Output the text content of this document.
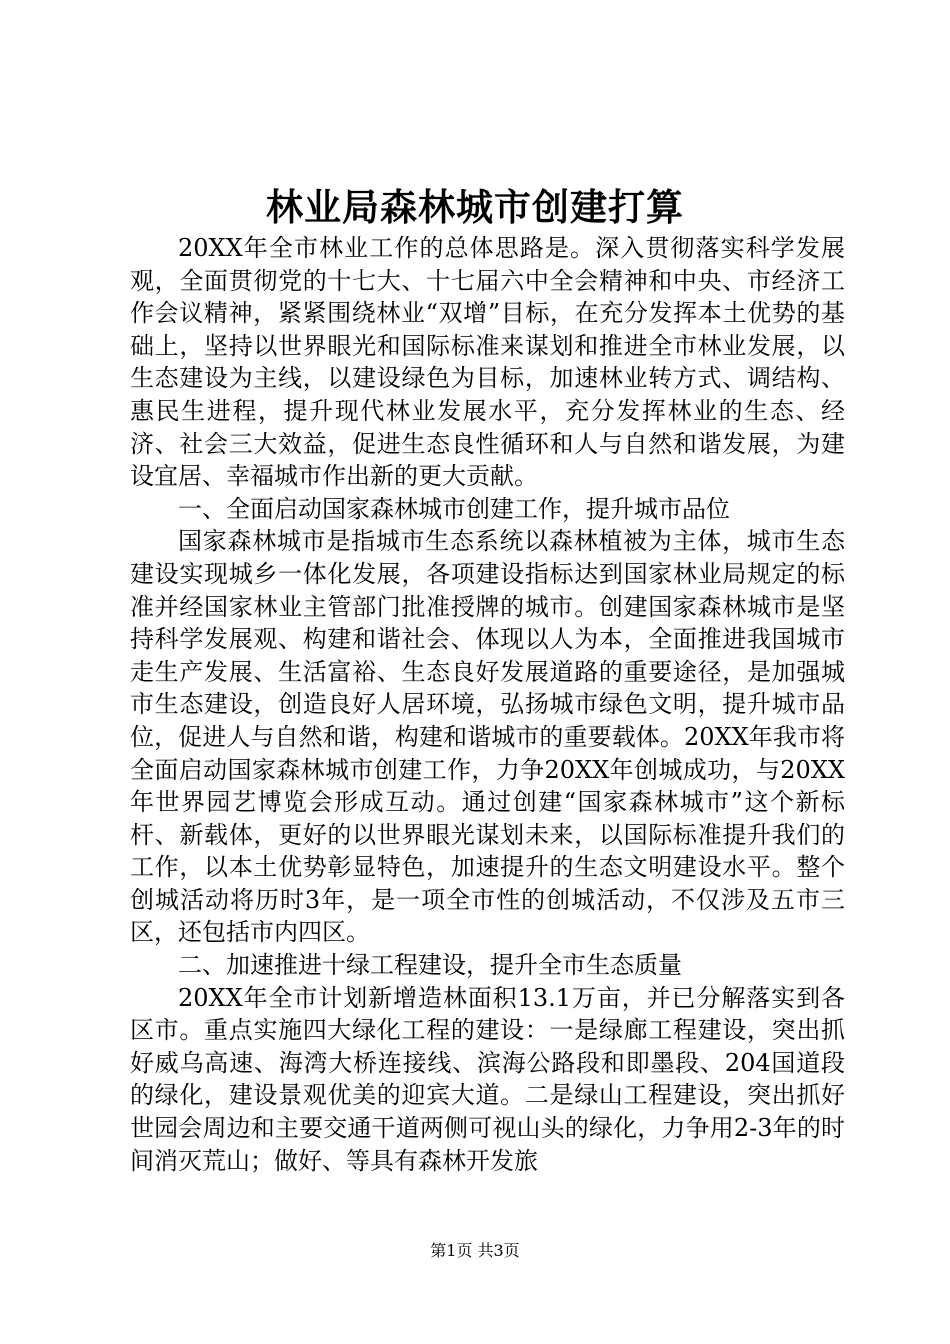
林业局森林城市创建打算

20XX年全市林业工作的总体思路是。深入贯彻落实科学发展观，全面贯彻党的十七大、十七届六中全会精神和中央、市经济工作会议精神，紧紧围绕林业“双增”目标，在充分发挥本土优势的基础上，坚持以世界眼光和国际标准来谋划和推进全市林业发展，以生态建设为主线，以建设绿色为目标，加速林业转方式、调结构、惠民生进程，提升现代林业发展水平，充分发挥林业的生态、经济、社会三大效益，促进生态良性循环和人与自然和谐发展，为建设宜居、幸福城市作出新的更大贡献。

一、全面启动国家森林城市创建工作，提升城市品位

国家森林城市是指城市生态系统以森林植被为主体，城市生态建设实现城乡一体化发展，各项建设指标达到国家林业局规定的标准并经国家林业主管部门批准授牌的城市。创建国家森林城市是坚持科学发展观、构建和谐社会、体现以人为本，全面推进我国城市走生产发展、生活富裕、生态良好发展道路的重要途径，是加强城市生态建设，创造良好人居环境，弘扬城市绿色文明，提升城市品位，促进人与自然和谐，构建和谐城市的重要载体。20XX年我市将全面启动国家森林城市创建工作，力争20XX年创城成功，与20XX年世界园艺博览会形成互动。通过创建“国家森林城市”这个新标杆、新载体，更好的以世界眼光谋划未来，以国际标准提升我们的工作，以本土优势彰显特色，加速提升的生态文明建设水平。整个创城活动将历时3年，是一项全市性的创城活动，不仅涉及五市三区，还包括市内四区。

二、加速推进十绿工程建设，提升全市生态质量

20XX年全市计划新增造林面积13.1万亩，并已分解落实到各区市。重点实施四大绿化工程的建设：一是绿廊工程建设，突出抓好威乌高速、海湾大桥连接线、滨海公路段和即墨段、204国道段的绿化，建设景观优美的迎宾大道。二是绿山工程建设，突出抓好世园会周边和主要交通干道两侧可视山头的绿化，力争用2-3年的时间消灭荒山；做好、等具有森林开发旅

第1页 共3页
